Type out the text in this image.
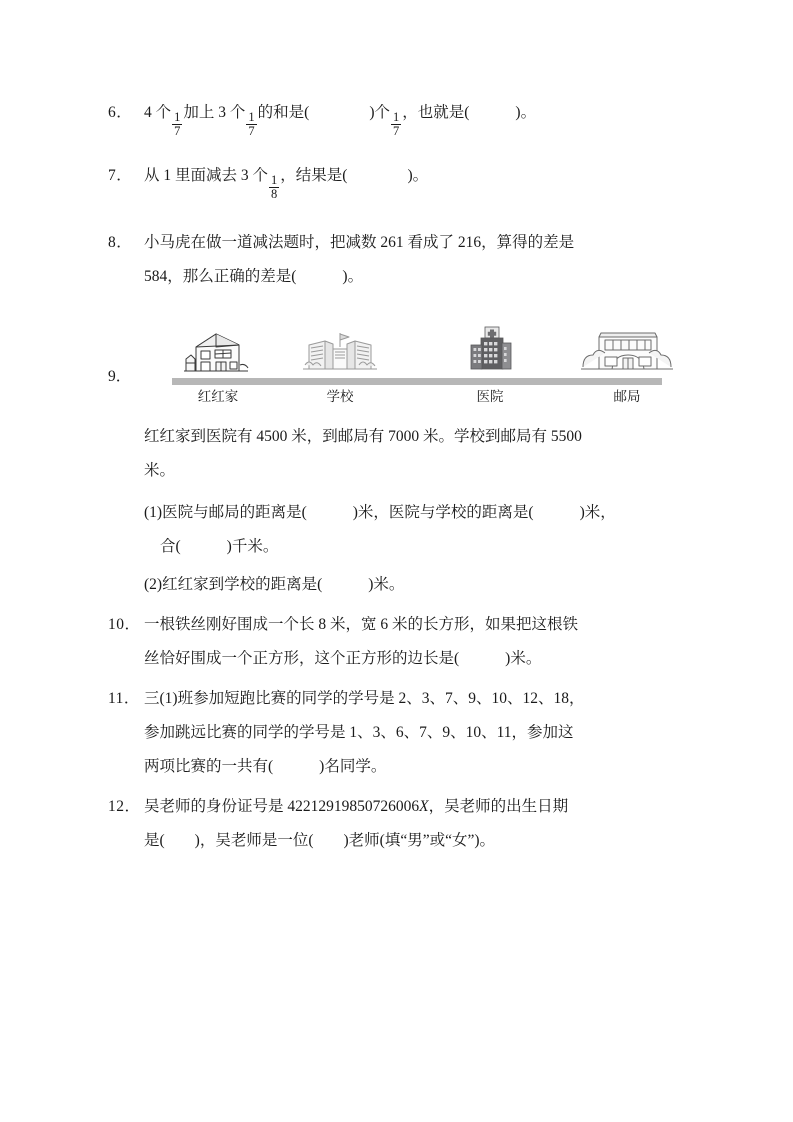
6． 4 个 $\frac{1}{7}$ 加上 3 个 $\frac{1}{7}$ 的和是(	)个 $\frac{1}{7}$ ，也就是(	)。
7． 从 1 里面减去 3 个 $\frac{1}{8}$ ，结果是(	)。
8． 小马虎在做一道减法题时，把减数 261 看成了 216，算得的差是
584，那么正确的差是(	)。
9．
红红家	学校	医院	邮局
红红家到医院有 4500 米，到邮局有 7000 米。学校到邮局有 5500
米。
(1)医院与邮局的距离是(	)米，医院与学校的距离是(	)米，
合(	)千米。
(2)红红家到学校的距离是(	)米。
10． 一根铁丝刚好围成一个长 8 米，宽 6 米的长方形，如果把这根铁
丝恰好围成一个正方形，这个正方形的边长是(	)米。
11． 三(1)班参加短跑比赛的同学的学号是 2、3、7、9、10、12、18，
参加跳远比赛的同学的学号是 1、3、6、7、9、10、11，参加这
两项比赛的一共有(	)名同学。
12． 吴老师的身份证号是 42212919850726006X，吴老师的出生日期
是( )，吴老师是一位( )老师(填“男”或“女”)。
